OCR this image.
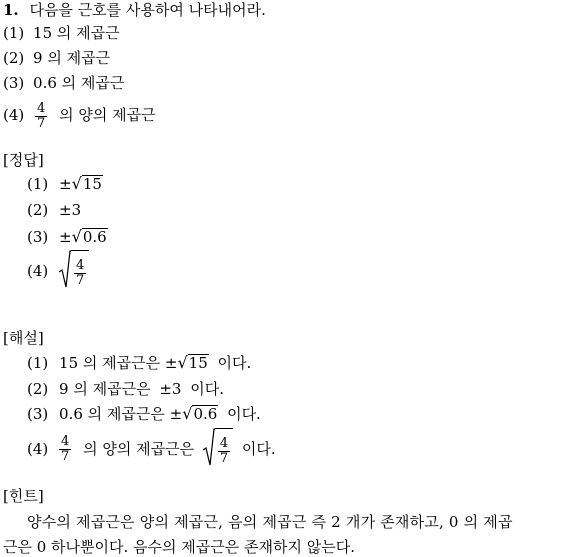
1. 다음을 근호를 사용하여 나타내어라.
(1) 15 의 제곱근
(2) 9 의 제곱근
(3) 0.6 의 제곱근
$(4) \frac{4}{7}$ 의 양의 제곱근
[정답]
(1) ±√15
(2) ±3
(3) ±√0.6
$(4) \frac{4}{7}$
[해설]
(1) 15 의 제곱근은 ±√15 이다.
(2) 9 의 제곱근은 ±3 이다.
(3) 0.6 의 제곱근은 ±√0.6 이다.
$(4) \frac{4}{7}$ 의 양의 제곱근은 $\frac{4}{7}$ 이다.
[힌트]
양수의 제곱근은 양의 제곱근, 음의 제곱근 즉 2 개가 존재하고, 0 의 제곱
근은 0 하나뿐이다. 음수의 제곱근은 존재하지 않는다.
